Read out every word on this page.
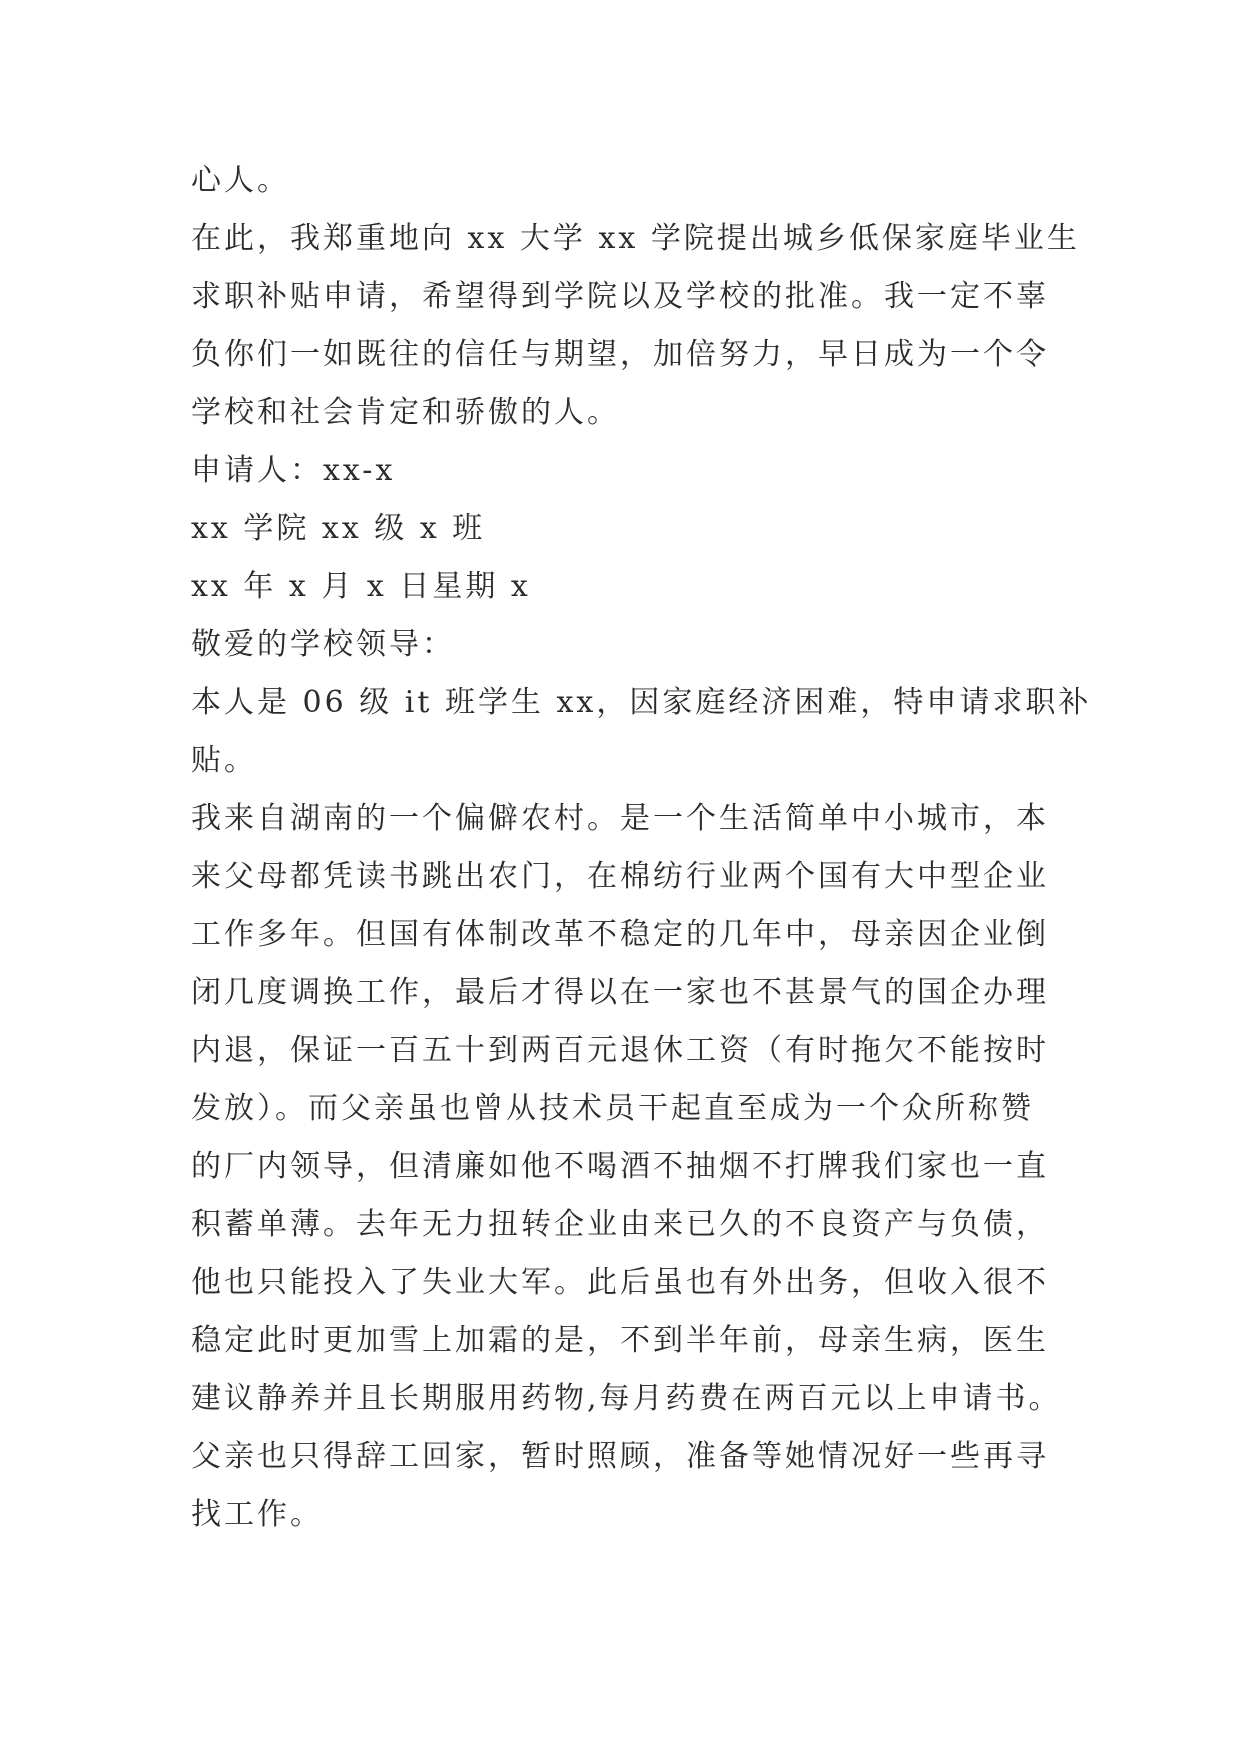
心人。
在此，我郑重地向 xx 大学 xx 学院提出城乡低保家庭毕业生
求职补贴申请，希望得到学院以及学校的批准。我一定不辜
负你们一如既往的信任与期望，加倍努力，早日成为一个令
学校和社会肯定和骄傲的人。
申请人：xx-x
xx 学院 xx 级 x 班
xx 年 x 月 x 日星期 x
敬爱的学校领导：
本人是 06 级 it 班学生 xx，因家庭经济困难，特申请求职补
贴。
我来自湖南的一个偏僻农村。是一个生活简单中小城市，本
来父母都凭读书跳出农门，在棉纺行业两个国有大中型企业
工作多年。但国有体制改革不稳定的几年中，母亲因企业倒
闭几度调换工作，最后才得以在一家也不甚景气的国企办理
内退，保证一百五十到两百元退休工资（有时拖欠不能按时
发放）。而父亲虽也曾从技术员干起直至成为一个众所称赞
的厂内领导，但清廉如他不喝酒不抽烟不打牌我们家也一直
积蓄单薄。去年无力扭转企业由来已久的不良资产与负债，
他也只能投入了失业大军。此后虽也有外出务，但收入很不
稳定此时更加雪上加霜的是，不到半年前，母亲生病，医生
建议静养并且长期服用药物,每月药费在两百元以上申请书。
父亲也只得辞工回家，暂时照顾，准备等她情况好一些再寻
找工作。
